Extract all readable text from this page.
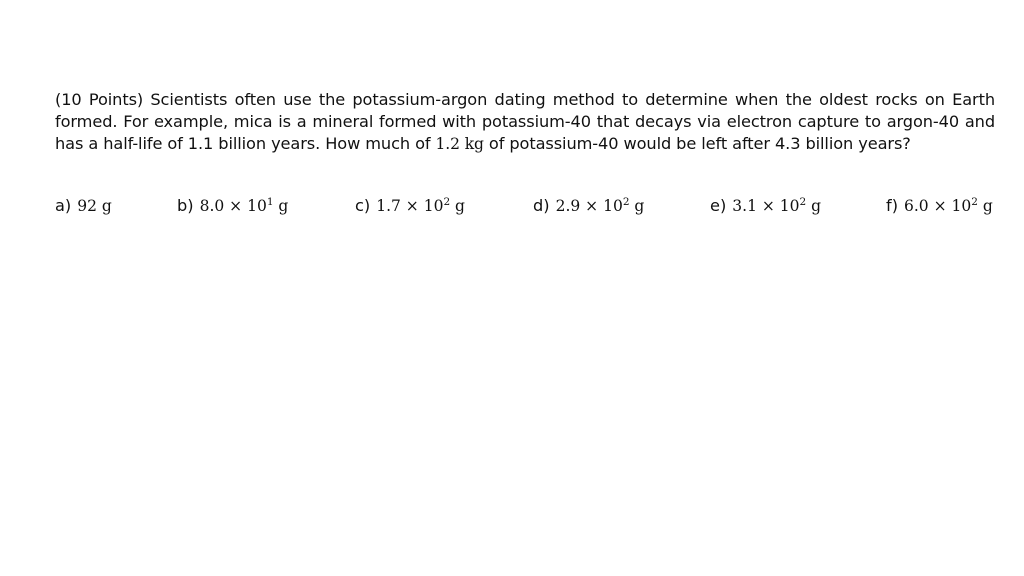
(10 Points) Scientists often use the potassium-argon dating method to determine when the oldest rocks on Earth formed. For example, mica is a mineral formed with potassium-40 that decays via electron capture to argon-40 and has a half-life of 1.1 billion years. How much of 1.2 kg of potassium-40 would be left after 4.3 billion years?
a) 92 g	b) $8.0 \times 10^1$ g	c) $1.7 \times 10^2$ g	d) $2.9 \times 10^2$ g	e) $3.1 \times 10^2$ g	f) $6.0 \times 10^2$ g
